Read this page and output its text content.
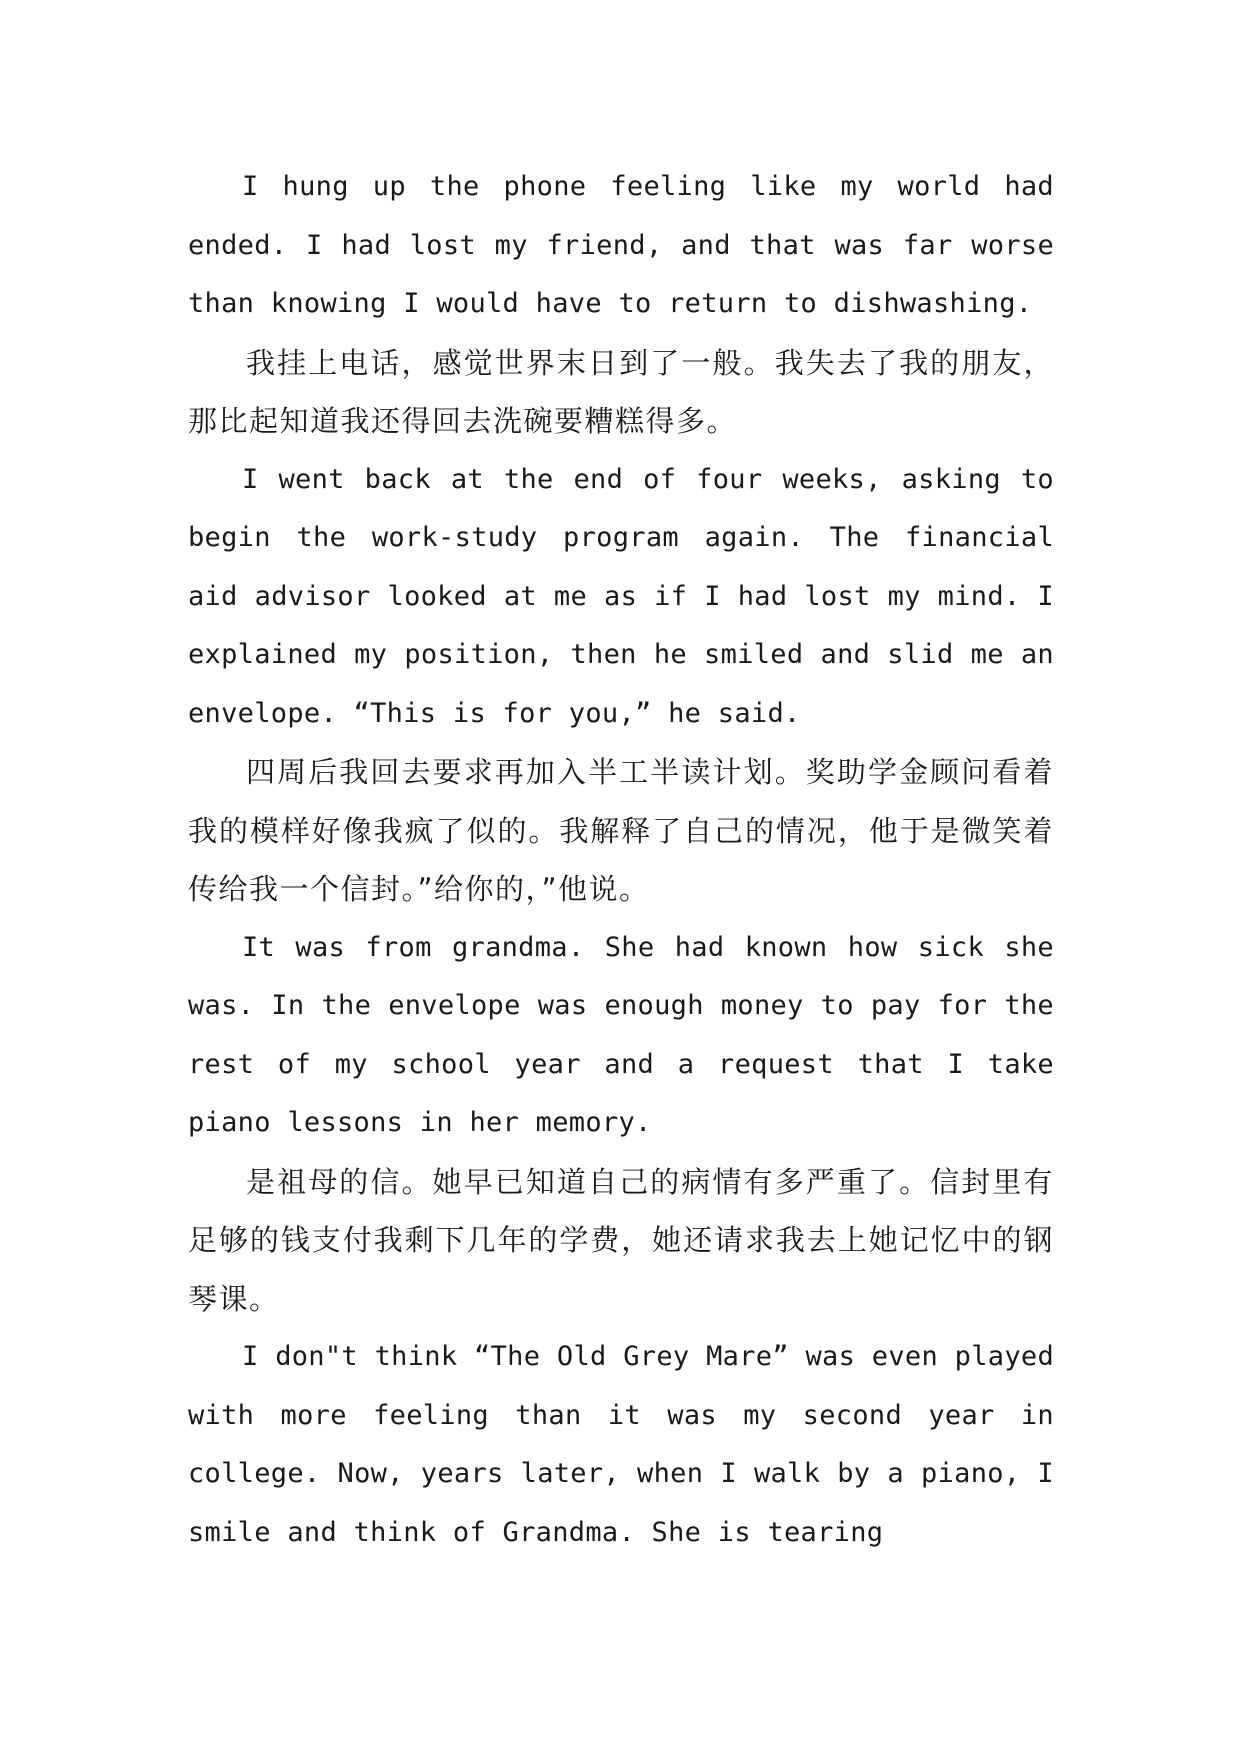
I hung up the phone feeling like my world had ended. I had lost my friend, and that was far worse than knowing I would have to return to dishwashing.

我挂上电话，感觉世界末日到了一般。我失去了我的朋友，那比起知道我还得回去洗碗要糟糕得多。

I went back at the end of four weeks, asking to begin the work-study program again. The financial aid advisor looked at me as if I had lost my mind. I explained my position, then he smiled and slid me an envelope. “This is for you,” he said.

四周后我回去要求再加入半工半读计划。奖助学金顾问看着我的模样好像我疯了似的。我解释了自己的情况，他于是微笑着传给我一个信封。”给你的，”他说。

It was from grandma. She had known how sick she was. In the envelope was enough money to pay for the rest of my school year and a request that I take piano lessons in her memory.

是祖母的信。她早已知道自己的病情有多严重了。信封里有足够的钱支付我剩下几年的学费，她还请求我去上她记忆中的钢琴课。

I don"t think “The Old Grey Mare” was even played with more feeling than it was my second year in college. Now, years later, when I walk by a piano, I smile and think of Grandma. She is tearing
